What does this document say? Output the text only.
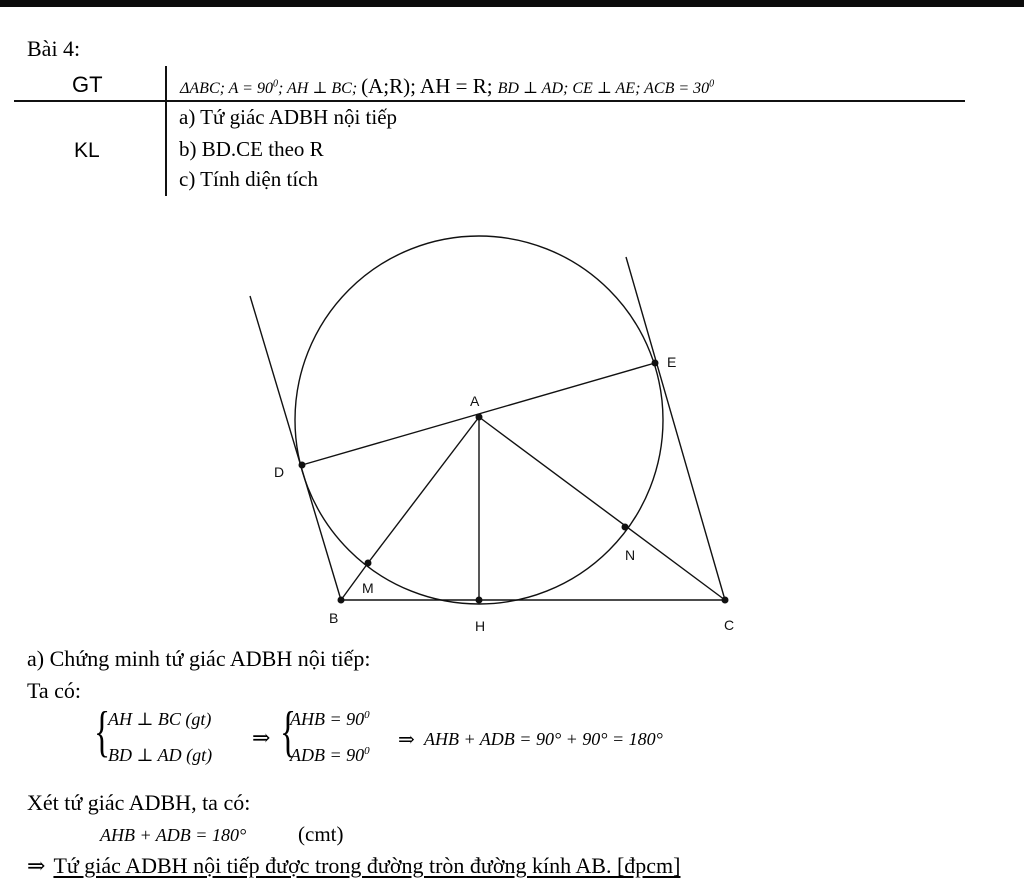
Bài 4:
GT	ΔABC; $A = 90^0$; AH ⊥ BC; (A;R); AH = R; BD ⊥ AD; CE ⊥ AE; ACB = $30^0$
KL
a) Tứ giác ADBH nội tiếp
b) BD.CE theo R
c) Tính diện tích
A
B	C
D
E
H
M
N
a) Chứng minh tứ giác ADBH nội tiếp:
Ta có:
{
AH ⊥ BC (gt)
BD ⊥ AD (gt)
⇒ {
AHB = $90^0$
ADB = $90^0$ ⇒ AHB + ADB = 90° + 90° = 180°
Xét tứ giác ADBH, ta có:
AHB + ADB = 180° (cmt)
⇒ Tứ giác ADBH nội tiếp được trong đường tròn đường kính AB. [đpcm]
